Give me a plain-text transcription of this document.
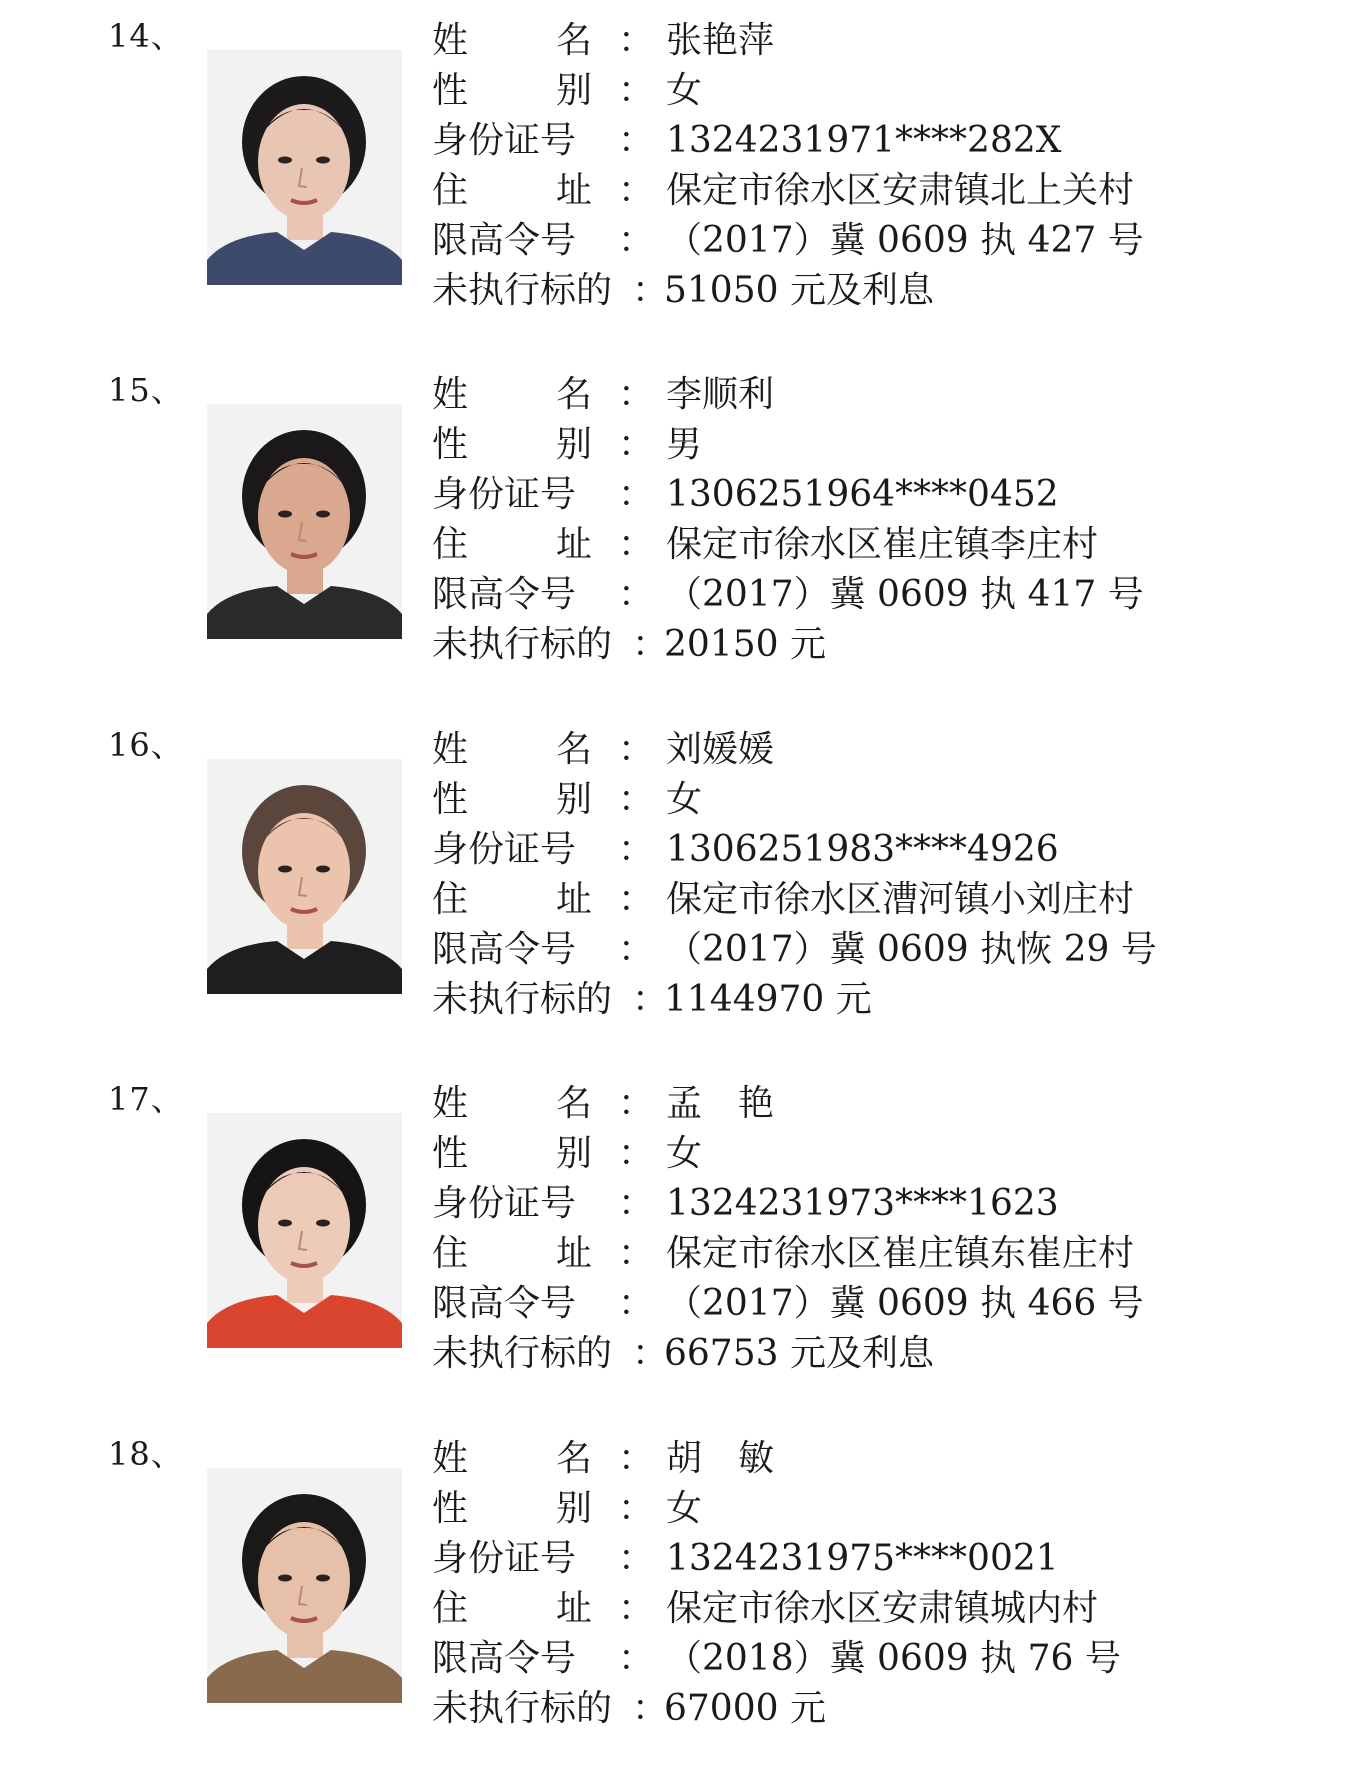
14、	姓 名 ： 张艳萍
性 别 ： 女
身份证号	： 1324231971****282X
住 址 ： 保定市徐水区安肃镇北上关村
限高令号	： （2017）冀 0609 执 427 号
未执行标的 ：
51050 元及利息
15、	姓 名 ： 李顺利
性 别 ： 男
身份证号	： 1306251964****0452
住 址 ： 保定市徐水区崔庄镇李庄村
限高令号	： （2017）冀 0609 执 417 号
未执行标的 ：
20150 元
16、	姓 名 ： 刘媛媛
性 别 ： 女
身份证号	： 1306251983****4926
住 址 ： 保定市徐水区漕河镇小刘庄村
限高令号	： （2017）冀 0609 执恢 29 号
未执行标的 ：
1144970 元
17、	姓 名 ： 孟　艳
性 别 ： 女
身份证号	： 1324231973****1623
住 址 ： 保定市徐水区崔庄镇东崔庄村
限高令号	： （2017）冀 0609 执 466 号
未执行标的 ：
66753 元及利息
18、	姓 名 ： 胡　敏
性 别 ： 女
身份证号	： 1324231975****0021
住 址 ： 保定市徐水区安肃镇城内村
限高令号	： （2018）冀 0609 执 76 号
未执行标的 ：
67000 元
